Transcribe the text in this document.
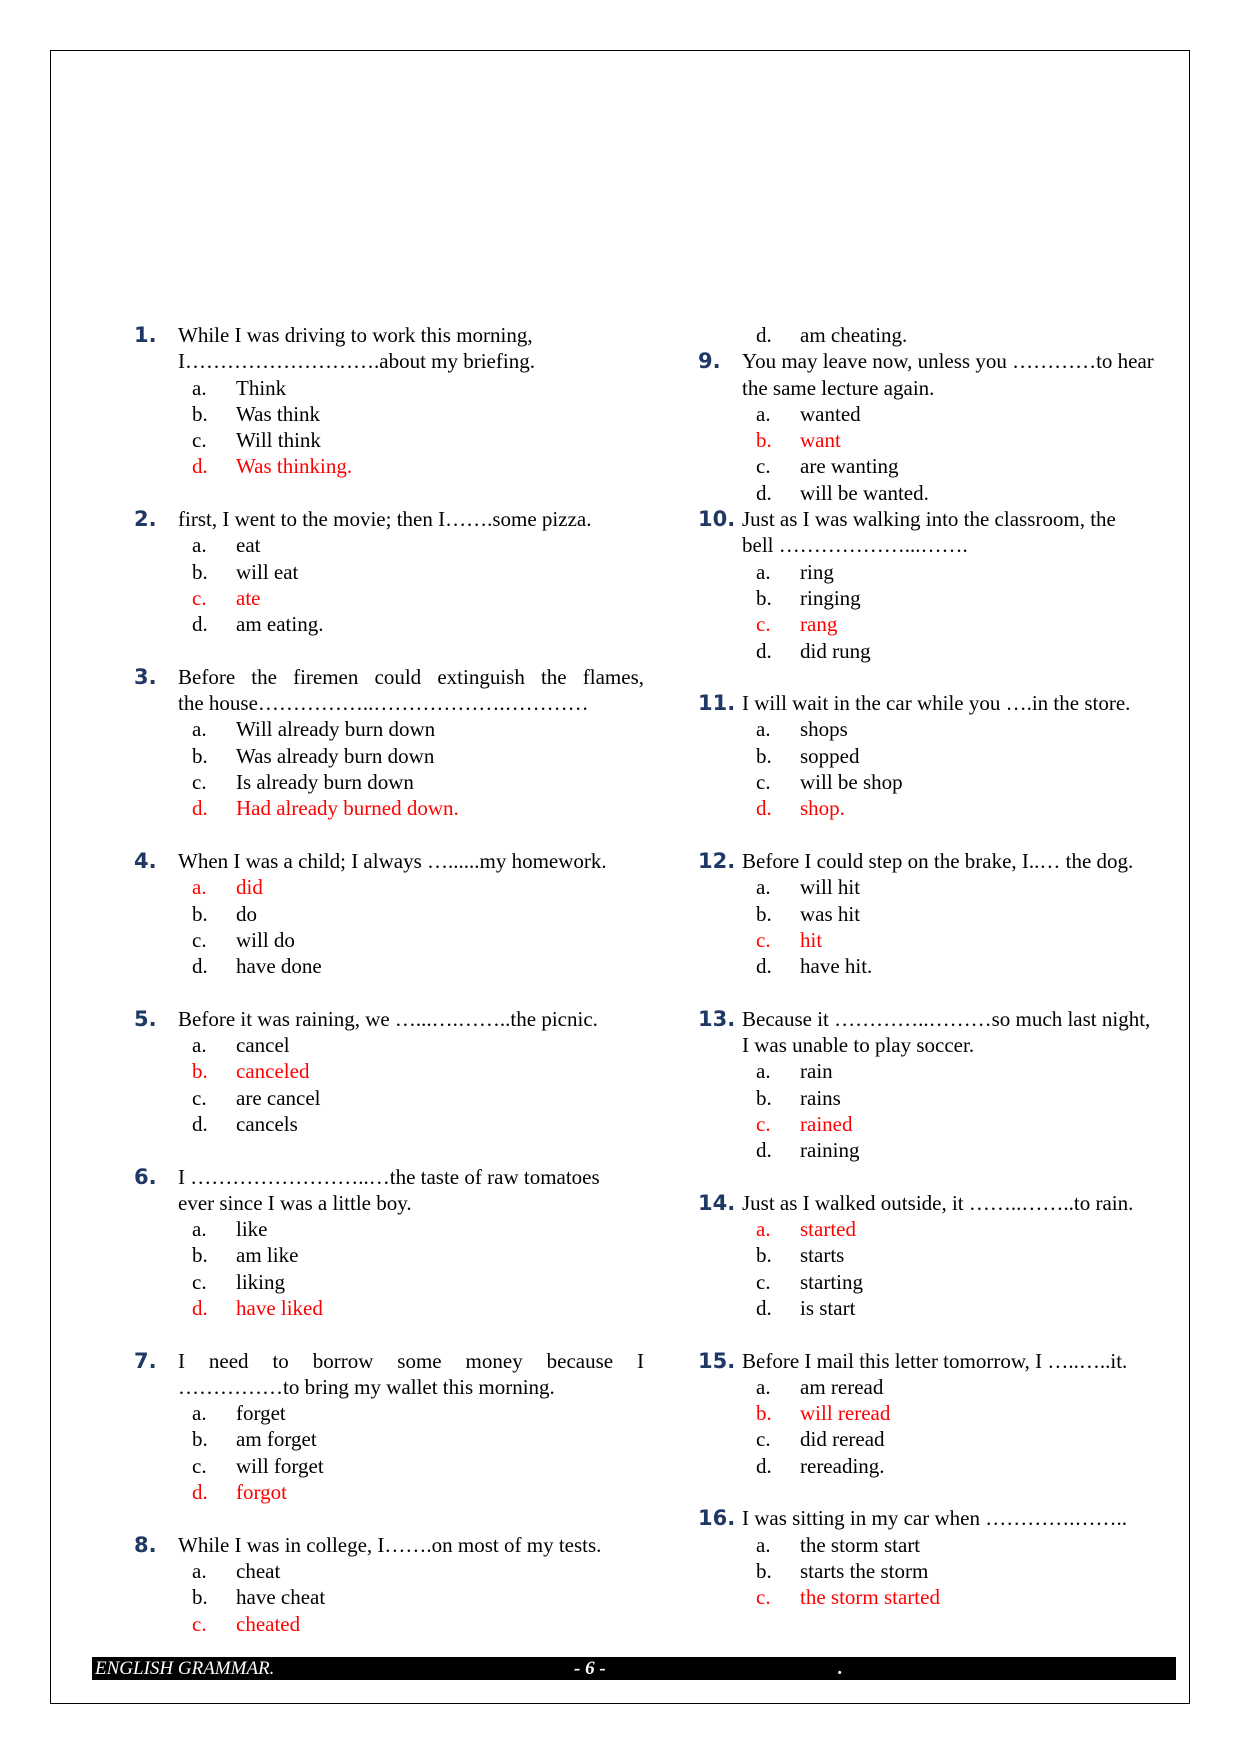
1. While I was driving to work this morning,
I……………………….about my briefing.
a. Think
b. Was think
c. Will think
d. Was thinking.
2. first, I went to the movie; then I…….some pizza.
a. eat
b. will eat
c. ate
d. am eating.
3. Before the firemen could extinguish the flames,
the house……………..……………….…………
a. Will already burn down
b. Was already burn down
c. Is already burn down
d. Had already burned down.
4. When I was a child; I always …......my homework.
a. did
b. do
c. will do
d. have done
5. Before it was raining, we …...….……..the picnic.
a. cancel
b. canceled
c. are cancel
d. cancels
6. I ……………………..…the taste of raw tomatoes
ever since I was a little boy.
a. like
b. am like
c. liking
d. have liked
7. I need to borrow some money because I
……………to bring my wallet this morning.
a. forget
b. am forget
c. will forget
d. forgot
8. While I was in college, I…….on most of my tests.
a. cheat
b. have cheat
c. cheated
d. am cheating.
9. You may leave now, unless you …………to hear
the same lecture again.
a. wanted
b. want
c. are wanting
d. will be wanted.
10. Just as I was walking into the classroom, the
bell ………………...…….
a. ring
b. ringing
c. rang
d. did rung
11. I will wait in the car while you ….in the store.
a. shops
b. sopped
c. will be shop
d. shop.
12. Before I could step on the brake, I..… the dog.
a. will hit
b. was hit
c. hit
d. have hit.
13. Because it …………..………so much last night,
I was unable to play soccer.
a. rain
b. rains
c. rained
d. raining
14. Just as I walked outside, it ……..……..to rain.
a. started
b. starts
c. starting
d. is start
15. Before I mail this letter tomorrow, I …..…..it.
a. am reread
b. will reread
c. did reread
d. rereading.
16. I was sitting in my car when ………….……..
a. the storm start
b. starts the storm
c. the storm started
ENGLISH GRAMMAR.	- 6 -	.
